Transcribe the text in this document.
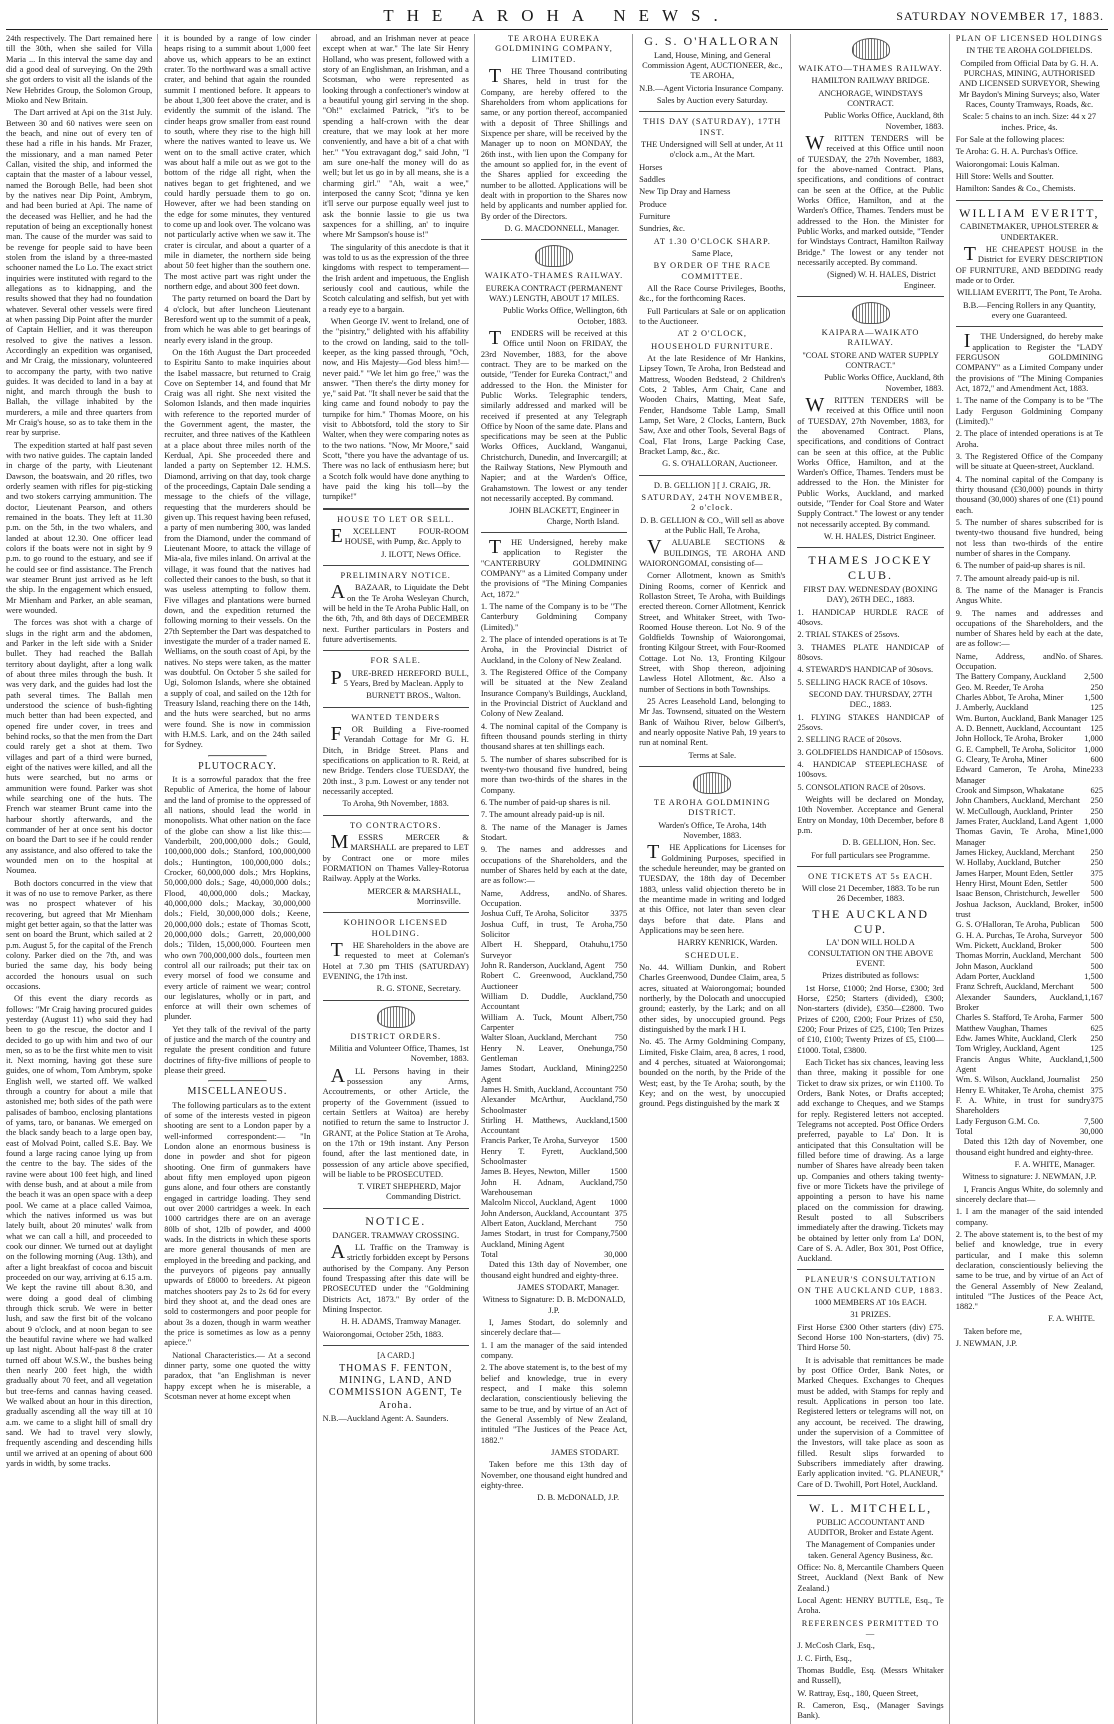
THE AROHA NEWS.	SATURDAY NOVEMBER 17, 1883.

24th respectively. The Dart remained here till the 30th, when she sailed for Villa Maria ... In this interval the same day and did a good deal of surveying. On the 29th she got orders to visit all the islands of the New Hebrides Group, the Solomon Group, Mioko and New Britain.

The Dart arrived at Api on the 31st July. Between 30 and 60 natives were seen on the beach, and nine out of every ten of these had a rifle in his hands. Mr Frazer, the missionary, and a man named Peter Callan, visited the ship, and informed the captain that the master of a labour vessel, named the Borough Belle, had been shot by the natives near Dip Point, Ambrym, and had been buried at Api. The name of the deceased was Hellier, and he had the reputation of being an exceptionally honest man. The cause of the murder was said to be revenge for people said to have been stolen from the island by a three-masted schooner named the Lo Lo. The exact strict inquiries were instituted with regard to the allegations as to kidnapping, and the results showed that they had no foundation whatever. Several other vessels were fired at when passing Dip Point after the murder of Captain Hellier, and it was thereupon resolved to give the natives a lesson. Accordingly an expedition was organised, and Mr Craig, the missionary, volunteered to accompany the party, with two native guides. It was decided to land in a bay at night, and march through the bush to Ballah, the village inhabited by the murderers, a mile and three quarters from Mr Craig's house, so as to take them in the rear by surprise.

The expedition started at half past seven with two native guides. The captain landed in charge of the party, with Lieutenant Dawson, the boatswain, and 20 rifles, two orderly seamen with rifles for pig-sticking and two stokers carrying ammunition. The doctor, Lieutenant Pearson, and others remained in the boats. They left at 11.30 p.m. on the 5th, in the two whalers, and landed at about 12.30. One officer lead colors if the boats were not in sight by 9 p.m. to go round to the estuary, and see if he could see or find assistance. The French war steamer Brunt just arrived as he left the ship. In the engagement which ensued, Mr Mienham and Parker, an able seaman, were wounded.

The forces was shot with a charge of slugs in the right arm and the abdomen, and Parker in the left side with a Snider bullet. They had reached the Ballah territory about daylight, after a long walk of about three miles through the bush. It was very dark, and the guides had lost the path several times. The Ballah men understood the science of bush-fighting much better than had been expected, and opened fire under cover, in trees and behind rocks, so that the men from the Dart could rarely get a shot at them. Two villages and part of a third were burned, eight of the natives were killed, and all the huts were searched, but no arms or ammunition were found. Parker was shot while searching one of the huts. The French war steamer Brunt came into the harbour shortly afterwards, and the commander of her at once sent his doctor on board the Dart to see if he could render any assistance, and also offered to take the wounded men on to the hospital at Noumea.

Both doctors concurred in the view that it was of no use to remove Parker, as there was no prospect whatever of his recovering, but agreed that Mr Mienham might get better again, so that the latter was sent on board the Brunt, which sailed at 2 p.m. August 5, for the capital of the French colony. Parker died on the 7th, and was buried the same day, his body being accorded the honours usual on such occasions.

Of this event the diary records as follows: "Mr Craig having procured guides yesterday (August 11) who said they had been to go the rescue, the doctor and I decided to go up with him and two of our men, so as to be the first white men to visit it. Next morning, having got these sure guides, one of whom, Tom Ambrym, spoke English well, we started off. We walked through a country for about a mile that astonished me; both sides of the path were palisades of bamboo, enclosing plantations of yams, taro, or bananas. We emerged on the black sandy beach to a large open bay, east of Molvad Point, called S.E. Bay. We found a large racing canoe lying up from the centre to the bay. The sides of the ravine were about 100 feet high, and lined with dense bush, and at about a mile from the beach it was an open space with a deep pool. We came at a place called Vaimoa, which the natives informed us was but lately built, about 20 minutes' walk from what we can call a hill, and proceeded to cook our dinner. We turned out at daylight on the following morning (Aug. 13th), and after a light breakfast of cocoa and biscuit proceeded on our way, arriving at 6.15 a.m. We kept the ravine till about 8.30, and were doing a good deal of climbing through thick scrub. We were in better lush, and saw the first bit of the volcano about 9 o'clock, and at noon began to see the beautiful ravine where we had walked up last night. About half-past 8 the crater turned off about W.S.W., the bushes being then nearly 200 feet high, the width gradually about 70 feet, and all vegetation but tree-ferns and cannas having ceased. We walked about an hour in this direction, gradually ascending all the way till at 10 a.m. we came to a slight hill of small dry sand. We had to travel very slowly, frequently ascending and descending hills until we arrived at an opening of about 600 yards in width, by some tracks.

it is bounded by a range of low cinder heaps rising to a summit about 1,000 feet above us, which appears to be an extinct crater. To the northward was a small active crater, and behind that again the rounded summit I mentioned before. It appears to be about 1,300 feet above the crater, and is evidently the summit of the island. The cinder heaps grow smaller from east round to south, where they rise to the high hill where the natives wanted to leave us. We went on to the small active crater, which was about half a mile out as we got to the bottom of the ridge all right, when the natives began to get frightened, and we could hardly persuade them to go on. However, after we had been standing on the edge for some minutes, they ventured to come up and look over. The volcano was not particularly active when we saw it. The crater is circular, and about a quarter of a mile in diameter, the northern side being about 50 feet higher than the southern one. The most active part was right under the northern edge, and about 300 feet down.

The party returned on board the Dart by 4 o'clock, but after luncheon Lieutenant Beresford went up to the summit of a peak, from which he was able to get bearings of nearly every island in the group.

On the 16th August the Dart proceeded to Espiritu Santo to make inquiries about the Isabel massacre, but returned to Craig Cove on September 14, and found that Mr Craig was all right. She next visited the Solomon Islands, and then made inquiries with reference to the reported murder of the Government agent, the master, the recruiter, and three natives of the Kathleen at a place about three miles north of the Kerdual, Api. She proceeded there and landed a party on September 12. H.M.S. Diamond, arriving on that day, took charge of the proceedings, Captain Dale sending a message to the chiefs of the village, requesting that the murderers should be given up. This request having been refused, a party of men numbering 300, was landed from the Diamond, under the command of Lieutenant Moore, to attack the village of Mia-ala, five miles inland. On arrival at the village, it was found that the natives had collected their canoes to the bush, so that it was useless attempting to follow them. Five villages and plantations were burned down, and the expedition returned the following morning to their vessels. On the 27th September the Dart was despatched to investigate the murder of a trader named E. Welliams, on the south coast of Api, by the natives. No steps were taken, as the matter was doubtful. On October 5 she sailed for Ugi, Solomon Islands, where she obtained a supply of coal, and sailed on the 12th for Treasury Island, reaching there on the 14th, and the huts were searched, but no arms were found. She is now in commission with H.M.S. Lark, and on the 24th sailed for Sydney.

PLUTOCRACY.

It is a sorrowful paradox that the free Republic of America, the home of labour and the land of promise to the oppressed of all nations, should lead the world in monopolists. What other nation on the face of the globe can show a list like this:— Vanderbilt, 200,000,000 dols.; Gould, 100,000,000 dols.; Stanford, 100,000,000 dols.; Huntington, 100,000,000 dols.; Crocker, 60,000,000 dols.; Mrs Hopkins, 50,000,000 dols.; Sage, 40,000,000 dols.; Flood, 40,000,000 dols.; Mackay, 40,000,000 dols.; Mackay, 30,000,000 dols.; Field, 30,000,000 dols.; Keene, 20,000,000 dols.; estate of Thomas Scott, 20,000,000 dols.; Garrett, 20,000,000 dols.; Tilden, 15,000,000. Fourteen men who own 700,000,000 dols., fourteen men control all our railroads; put their tax on every morsel of food we consume and every article of raiment we wear; control our legislatures, wholly or in part, and enforce at will their own schemes of plunder.

Yet they talk of the revival of the party of justice and the march of the country and regulate the present condition and future doctrines of fifty-five millions of people to please their greed.

MISCELLANEOUS.

The following particulars as to the extent of some of the interests vested in pigeon shooting are sent to a London paper by a well-informed correspondent:— "In London alone an enormous business is done in powder and shot for pigeon shooting. One firm of gunmakers have about fifty men employed upon pigeon guns alone, and four others are constantly engaged in cartridge loading. They send out over 2000 cartridges a week. In each 1000 cartridges there are on an average 80lb of shot, 12lb of powder, and 4000 wads. In the districts in which these sports are more general thousands of men are employed in the breeding and packing, and the purveyors of pigeons pay annually upwards of £8000 to breeders. At pigeon matches shooters pay 2s to 2s 6d for every bird they shoot at, and the dead ones are sold to costermongers and poor people for about 3s a dozen, though in warm weather the price is sometimes as low as a penny apiece."

National Characteristics.— At a second dinner party, some one quoted the witty paradox, that "an Englishman is never happy except when he is miserable, a Scotsman never at home except when

abroad, and an Irishman never at peace except when at war." The late Sir Henry Holland, who was present, followed with a story of an Englishman, an Irishman, and a Scotsman, who were represented as looking through a confectioner's window at a beautiful young girl serving in the shop. "Oh!" exclaimed Patrick, "it's to be spending a half-crown with the dear creature, that we may look at her more conveniently, and have a bit of a chat with her." "You extravagant dog," said John, "I am sure one-half the money will do as well; but let us go in by all means, she is a charming girl." "Ah, wait a wee," interposed the canny Scot; "dinna ye ken it'll serve our purpose equally weel just to ask the bonnie lassie to gie us twa saxpences for a shilling, an' to inquire where Mr Sampson's house is!"

The singularity of this anecdote is that it was told to us as the expression of the three kingdoms with respect to temperament—the Irish ardent and impetuous, the English seriously cool and cautious, while the Scotch calculating and selfish, but yet with a ready eye to a bargain.

When George IV. went to Ireland, one of the "pisintry," delighted with his affability to the crowd on landing, said to the toll-keeper, as the king passed through, "Och, now, and His Majesty—God bless him!—never paid." "We let him go free," was the answer. "Then there's the dirty money for ye," said Pat. "It shall never be said that the king came and found nobody to pay the turnpike for him." Thomas Moore, on his visit to Abbotsford, told the story to Sir Walter, when they were comparing notes as to the two nations. "Now, Mr Moore," said Scott, "there you have the advantage of us. There was no lack of enthusiasm here; but a Scotch folk would have done anything to have paid the king his toll—by the turnpike!"

HOUSE TO LET OR SELL.

EXCELLENT FOUR-ROOM HOUSE, with Pump, &c. Apply to

J. ILOTT, News Office.

PRELIMINARY NOTICE.

ABAZAAR, to Liquidate the Debt on the Te Aroha Wesleyan Church, will be held in the Te Aroha Public Hall, on the 6th, 7th, and 8th days of DECEMBER next. Further particulars in Posters and future advertisements.

FOR SALE.

PURE-BRED HEREFORD BULL, 5 Years, Bred by Maclean. Apply to

BURNETT BROS., Walton.

WANTED TENDERS

FOR Building a Five-roomed Verandah Cottage for Mr G. H. Ditch, in Bridge Street. Plans and specifications on application to R. Reid, at new Bridge. Tenders close TUESDAY, the 20th inst., 3 p.m. Lowest or any tender not necessarily accepted.

To Aroha, 9th November, 1883.

TO CONTRACTORS.

MESSRS MERCER & MARSHALL are prepared to LET by Contract one or more miles FORMATION on Thames Valley-Rotorua Railway. Apply at the Works.

MERCER & MARSHALL, Morrinsville.

KOHINOOR LICENSED HOLDING.

THE Shareholders in the above are requested to meet at Coleman's Hotel at 7.30 pm THIS (SATURDAY) EVENING, the 17th inst.

R. G. STONE, Secretary.

DISTRICT ORDERS.

Militia and Volunteer Office, Thames, 1st November, 1883.

ALL Persons having in their possession any Arms, Accoutrements, or other Article, the property of the Government (issued to certain Settlers at Waitoa) are hereby notified to return the same to Instructor J. GRANT, at the Police Station at Te Aroha, on the 17th or 19th instant. Any Person found, after the last mentioned date, in possession of any article above specified, will be liable to be PROSECUTED.

T. VIRET SHEPHERD, Major Commanding District.

NOTICE.

DANGER. TRAMWAY CROSSING.

ALL Traffic on the Tramway is strictly forbidden except by Persons authorised by the Company. Any Person found Trespassing after this date will be PROSECUTED under the "Goldmining Districts Act, 1873." By order of the Mining Inspector.

H. H. ADAMS, Tramway Manager.

Waiorongomai, October 25th, 1883.

[A CARD.]

THOMAS F. FENTON, MINING, LAND, AND COMMISSION AGENT, Te Aroha.

N.B.—Auckland Agent: A. Saunders.

TE AROHA EUREKA GOLDMINING COMPANY, LIMITED.

THE Three Thousand contributing Shares, held in trust for the Company, are hereby offered to the Shareholders from whom applications for same, or any portion thereof, accompanied with a deposit of Three Shillings and Sixpence per share, will be received by the Manager up to noon on MONDAY, the 26th inst., with lien upon the Company for the amount so applied for, in the event of the Shares applied for exceeding the number to be allotted. Applications will be dealt with in proportion to the Shares now held by applicants and number applied for. By order of the Directors.

D. G. MACDONNELL, Manager.

WAIKATO-THAMES RAILWAY.

EUREKA CONTRACT (PERMANENT WAY.) LENGTH, ABOUT 17 MILES.

Public Works Office, Wellington, 6th October, 1883.

TENDERS will be received at this Office until Noon on FRIDAY, the 23rd November, 1883, for the above contract. They are to be marked on the outside, "Tender for Eureka Contract," and addressed to the Hon. the Minister for Public Works. Telegraphic tenders, similarly addressed and marked will be received if presented at any Telegraph Office by Noon of the same date. Plans and specifications may be seen at the Public Works Offices, Auckland, Wanganui, Christchurch, Dunedin, and Invercargill; at the Railway Stations, New Plymouth and Napier; and at the Warden's Office, Grahamstown. The lowest or any tender not necessarily accepted. By command.

JOHN BLACKETT, Engineer in Charge, North Island.

THE Undersigned, hereby make application to Register the "CANTERBURY GOLDMINING COMPANY" as a Limited Company under the provisions of "The Mining Companies Act, 1872."

1. The name of the Company is to be "The Canterbury Goldmining Company (Limited)."

2. The place of intended operations is at Te Aroha, in the Provincial District of Auckland, in the Colony of New Zealand.

3. The Registered Office of the Company will be situated at the New Zealand Insurance Company's Buildings, Auckland, in the Provincial District of Auckland and Colony of New Zealand.

4. The nominal capital of the Company is fifteen thousand pounds sterling in thirty thousand shares at ten shillings each.

5. The number of shares subscribed for is twenty-two thousand five hundred, being more than two-thirds of the shares in the Company.

6. The number of paid-up shares is nil.

7. The amount already paid-up is nil.

8. The name of the Manager is James Stodart.

9. The names and addresses and occupations of the Shareholders, and the number of Shares held by each at the date, are as follow:—

Name, Address, and Occupation.
No. of Shares.
Joshua Cuff, Te Aroha, Solicitor	3375
Joshua Cuff, in trust, Te Aroha, Solicitor
750
Albert H. Sheppard, Otahuhu, Surveyor
1750
John R. Randerson, Auckland, Agent	750
Robert C. Greenwood, Auckland, Auctioneer
750
William D. Duddle, Auckland, Accountant
750
William A. Tuck, Mount Albert, Carpenter
750
Walter Sloan, Auckland, Merchant	750
Henry N. Leaver, Onehunga, Gentleman
750
James Stodart, Auckland, Mining Agent
2250
James H. Smith, Auckland, Accountant 750
Alexander McArthur, Auckland, Schoolmaster
750
Stirling H. Matthews, Auckland, Accountant
1500
Francis Parker, Te Aroha, Surveyor	1500
Henry T. Fyrett, Auckland, Schoolmaster
500
James B. Heyes, Newton, Miller	1500
John H. Adnam, Auckland, Warehouseman
750
Malcolm Niccol, Auckland, Agent	1000
John Anderson, Auckland, Accountant 375
Albert Eaton, Auckland, Merchant	750
James Stodart, in trust for Company, Auckland, Mining Agent
7500
Total	30,000

Dated this 13th day of November, one thousand eight hundred and eighty-three.

JAMES STODART, Manager.

Witness to Signature: D. B. McDONALD, J.P.

I, James Stodart, do solemnly and sincerely declare that—

1. I am the manager of the said intended company.

2. The above statement is, to the best of my belief and knowledge, true in every respect, and I make this solemn declaration, conscientiously believing the same to be true, and by virtue of an Act of the General Assembly of New Zealand, intituled "The Justices of the Peace Act, 1882."

JAMES STODART.

Taken before me this 13th day of November, one thousand eight hundred and eighty-three.

D. B. McDONALD, J.P.

G. S. O'HALLORAN

Land, House, Mining, and General Commission Agent, AUCTIONEER, &c., TE AROHA,

N.B.—Agent Victoria Insurance Company.

Sales by Auction every Saturday.

THIS DAY (SATURDAY), 17TH INST.

THE Undersigned will Sell at under, At 11 o'clock a.m., At the Mart.

Horses

Saddles

New Tip Dray and Harness

Produce

Furniture

Sundries, &c.

AT 1.30 O'CLOCK SHARP.

Same Place,

BY ORDER OF THE RACE COMMITTEE.

All the Race Course Privileges, Booths, &c., for the forthcoming Races.

Full Particulars at Sale or on application to the Auctioneer.

AT 2 O'CLOCK,

HOUSEHOLD FURNITURE.

At the late Residence of Mr Hankins, Lipsey Town, Te Aroha, Iron Bedstead and Mattress, Wooden Bedstead, 2 Children's Cots, 2 Tables, Arm Chair, Cane and Wooden Chairs, Matting, Meat Safe, Fender, Handsome Table Lamp, Small Lamp, Set Ware, 2 Clocks, Lantern, Buck Saw, Axe and other Tools, Several Bags of Coal, Flat Irons, Large Packing Case, Bracket Lamp, &c., &c.

G. S. O'HALLORAN, Auctioneer.

D. B. GELLION ] [ J. CRAIG, JR.

SATURDAY, 24TH NOVEMBER, 2 o'clock.

D. B. GELLION & CO., Will sell as above at the Public Hall, Te Aroha,

VALUABLE SECTIONS & BUILDINGS, TE AROHA AND WAIORONGOMAI, consisting of—

Corner Allotment, known as Smith's Dining Rooms, corner of Kenrick and Rollaston Street, Te Aroha, with Buildings erected thereon. Corner Allotment, Kenrick Street, and Whitaker Street, with Two-Roomed House thereon. Lot No. 9 of the Goldfields Township of Waiorongomai, fronting Kilgour Street, with Four-Roomed Cottage. Lot No. 13, Fronting Kilgour Street, with Shop thereon, adjoining Lawless Hotel Allotment, &c. Also a number of Sections in both Townships.

25 Acres Leasehold Land, belonging to Mr Jas. Townsend, situated on the Western Bank of Waihou River, below Gilbert's, and nearly opposite Native Pah, 19 years to run at nominal Rent.

Terms at Sale.

TE AROHA GOLDMINING DISTRICT.

Warden's Office, Te Aroha, 14th November, 1883.

THE Applications for Licenses for Goldmining Purposes, specified in the schedule hereunder, may be granted on TUESDAY, the 18th day of December 1883, unless valid objection thereto be in the meantime made in writing and lodged at this Office, not later than seven clear days before that date. Plans and Applications may be seen here.

HARRY KENRICK, Warden.

SCHEDULE.

No. 44. William Dunkin, and Robert Charles Greenwood, Dundee Claim, area, 5 acres, situated at Waiorongomai; bounded northerly, by the Dolocath and unoccupied ground; easterly, by the Lark; and on all other sides, by unoccupied ground. Pegs distinguished by the mark I H I.

No. 45. The Army Goldmining Company, Limited, Fiske Claim, area, 8 acres, 1 rood, and 4 perches, situated at Waiorongomai; bounded on the north, by the Pride of the West; east, by the Te Aroha; south, by the Key; and on the west, by unoccupied ground. Pegs distinguished by the mark ⧖

WAIKATO—THAMES RAILWAY.

HAMILTON RAILWAY BRIDGE.

ANCHORAGE, WINDSTAYS CONTRACT.

Public Works Office, Auckland, 8th November, 1883.

WRITTEN TENDERS will be received at this Office until noon of TUESDAY, the 27th November, 1883, for the above-named Contract. Plans, specifications, and conditions of contract can be seen at the Office, at the Public Works Office, Hamilton, and at the Warden's Office, Thames. Tenders must be addressed to the Hon. the Minister for Public Works, and marked outside, "Tender for Windstays Contract, Hamilton Railway Bridge." The lowest or any tender not necessarily accepted. By command.

(Signed) W. H. HALES, District Engineer.

KAIPARA—WAIKATO RAILWAY.

"COAL STORE AND WATER SUPPLY CONTRACT."

Public Works Office, Auckland, 8th November, 1883.

WRITTEN TENDERS will be received at this Office until noon of TUESDAY, 27th November, 1883, for the abovenamed Contract. Plans, specifications, and conditions of Contract can be seen at this office, at the Public Works Office, Hamilton, and at the Warden's Office, Thames. Tenders must be addressed to the Hon. the Minister for Public Works, Auckland, and marked outside, "Tender for Coal Store and Water Supply Contract." The lowest or any tender not necessarily accepted. By command.

W. H. HALES, District Engineer.

THAMES JOCKEY CLUB.

FIRST DAY. WEDNESDAY (BOXING DAY), 26TH DEC., 1883.

1. HANDICAP HURDLE RACE of 40sovs.

2. TRIAL STAKES of 25sovs.

3. THAMES PLATE HANDICAP of 80sovs.

4. STEWARD'S HANDICAP of 30sovs.

5. SELLING HACK RACE of 10sovs.

SECOND DAY. THURSDAY, 27TH DEC., 1883.

1. FLYING STAKES HANDICAP of 25sovs.

2. SELLING RACE of 20sovs.

3. GOLDFIELDS HANDICAP of 150sovs.

4. HANDICAP STEEPLECHASE of 100sovs.

5. CONSOLATION RACE of 20sovs.

Weights will be declared on Monday, 10th November. Acceptance and General Entry on Monday, 10th December, before 8 p.m.

D. B. GELLION, Hon. Sec.

For full particulars see Programme.

ONE TICKETS AT 5s EACH.

Will close 21 December, 1883. To be run 26 December, 1883.

THE AUCKLAND CUP.

LA' DON WILL HOLD A CONSULTATION ON THE ABOVE EVENT.

Prizes distributed as follows:

1st Horse, £1000; 2nd Horse, £300; 3rd Horse, £250; Starters (divided), £300; Non-starters (divide), £350—£2800. Two Prizes of £200, £200; Four Prizes of £50, £200; Four Prizes of £25, £100; Ten Prizes of £10, £100; Twenty Prizes of £5, £100—£1000. Total, £3800.

Each Ticket has six chances, leaving less than three, making it possible for one Ticket to draw six prizes, or win £1100. To Orders, Bank Notes, or Drafts accepted; add exchange to Cheques, and we Stamps for reply. Registered letters not accepted. Telegrams not accepted. Post Office Orders preferred, payable to La' Don. It is anticipated that this Consultation will be filled before time of drawing. As a large number of Shares have already been taken up. Companies and others taking twenty-five or more Tickets have the privilege of appointing a person to have his name placed on the commission for drawing. Result posted to all Subscribers immediately after the drawing. Tickets may be obtained by letter only from La' DON, Care of S. A. Adler, Box 301, Post Office, Auckland.

PLANEUR'S CONSULTATION ON THE AUCKLAND CUP, 1883.

1000 MEMBERS AT 10s EACH.

31 PRIZES.

First Horse £300 Other starters (div) £75. Second Horse 100 Non-starters, (div) 75. Third Horse 50.

It is advisable that remittances be made by post Office Order, Bank Notes, or Marked Cheques. Exchanges to Cheques must be added, with Stamps for reply and result. Applications in person too late. Registered letters or telegrams will not, on any account, be received. The drawing, under the supervision of a Committee of the Investors, will take place as soon as filled. Result slips forwarded to Subscribers immediately after drawing. Early application invited. "G. PLANEUR," Care of D. Twohill, Port Hotel, Auckland.

W. L. MITCHELL,

PUBLIC ACCOUNTANT AND AUDITOR, Broker and Estate Agent.

The Management of Companies under taken. General Agency Business, &c.

Office: No. 8, Mercantile Chambers Queen Street, Auckland (Next Bank of New Zealand.)

Local Agent: HENRY BUTTLE, Esq., Te Aroha.

REFERENCES PERMITTED TO—

J. McCosh Clark, Esq.,

J. C. Firth, Esq.,

Thomas Buddle, Esq. (Messrs Whitaker and Russell),

W. Rattray, Esq., 180, Queen Street,

R. Cameron, Esq., (Manager Savings Bank).

PLAN OF LICENSED HOLDINGS

IN THE TE AROHA GOLDFIELDS.

Compiled from Official Data by G. H. A. PURCHAS, MINING, AUTHORISED AND LICENSED SURVEYOR, Shewing Mr Baydon's Mining Surveys; also, Water Races, County Tramways, Roads, &c.

Scale: 5 chains to an inch. Size: 44 x 27 inches. Price, 4s.

For Sale at the following places:

Te Aroha: G. H. A. Purchas's Office.

Waiorongomai: Louis Kalman.

Hill Store: Wells and Soutter.

Hamilton: Sandes & Co., Chemists.

WILLIAM EVERITT,

CABINETMAKER, UPHOLSTERER & UNDERTAKER.

THE CHEAPEST HOUSE in the District for EVERY DESCRIPTION OF FURNITURE, AND BEDDING ready made or to Order.

WILLIAM EVERITT, The Pont, Te Aroha.

B.B.—Fencing Rollers in any Quantity, every one Guaranteed.

ITHE Undersigned, do hereby make application to Register the "LADY FERGUSON GOLDMINING COMPANY" as a Limited Company under the provisions of "The Mining Companies Act, 1872," and Amendment Act, 1883.

1. The name of the Company is to be "The Lady Ferguson Goldmining Company (Limited)."

2. The place of intended operations is at Te Aroha.

3. The Registered Office of the Company will be situate at Queen-street, Auckland.

4. The nominal capital of the Company is thirty thousand (£30,000) pounds in thirty thousand (30,000) shares of one (£1) pound each.

5. The number of shares subscribed for is twenty-two thousand five hundred, being not less than two-thirds of the entire number of shares in the Company.

6. The number of paid-up shares is nil.

7. The amount already paid-up is nil.

8. The name of the Manager is Francis Angus White.

9. The names and addresses and occupations of the Shareholders, and the number of Shares held by each at the date, are as follow:—

Name, Address, and Occupation.
No. of Shares.
The Battery Company, Auckland	2,500
Geo. M. Reeder, Te Aroha	250
Charles Abbot, Te Aroha, Miner	1,500
J. Amberly, Auckland	125
Wm. Burton, Auckland, Bank Manager 125
A. D. Bennett, Auckland, Accountant	125
John Hollock, Te Aroha, Broker	1,000
G. E. Campbell, Te Aroha, Solicitor	1,000
G. Cleary, Te Aroha, Miner	600
Edward Cameron, Te Aroha, Mine Manager
233
Crook and Simpson, Whakatane	625
John Chambers, Auckland, Merchant	250
W. McCullough, Auckland, Printer	250
James Frater, Auckland, Land Agent 1,000
Thomas Gavin, Te Aroha, Mine Manager
1,000
James Hickey, Auckland, Merchant	250
W. Hollaby, Auckland, Butcher	250
James Harper, Mount Eden, Settler	375
Henry Hirst, Mount Eden, Settler	500
Isaac Benson, Christchurch, Jeweller	500
Joshua Jackson, Auckland, Broker, in trust
500
G. S. O'Halloran, Te Aroha, Publican	500
G. H. A. Purchas, Te Aroha, Surveyor 500
Wm. Pickett, Auckland, Broker	500
Thomas Morrin, Auckland, Merchant	500
John Mason, Auckland	500
Adam Porter, Auckland	1,500
Franz Schreft, Auckland, Merchant	500
Alexander Saunders, Auckland, Broker
1,167
Charles S. Stafford, Te Aroha, Farmer 500
Matthew Vaughan, Thames	625
Edw. James White, Auckland, Clerk	250
Tom Wrigley, Auckland, Agent	125
Francis Angus White, Auckland, Agent
1,500
Wm. S. Wilson, Auckland, Journalist	250
Henry E. Whitaker, Te Aroha, chemist 375
F. A. White, in trust for sundry Shareholders
375
Lady Ferguson G.M. Co.	7,500
Total	30,000

Dated this 12th day of November, one thousand eight hundred and eighty-three.

F. A. WHITE, Manager.

Witness to signature: J. NEWMAN, J.P.

I, Francis Angus White, do solemnly and sincerely declare that—

1. I am the manager of the said intended company.

2. The above statement is, to the best of my belief and knowledge, true in every particular, and I make this solemn declaration, conscientiously believing the same to be true, and by virtue of an Act of the General Assembly of New Zealand, intituled "The Justices of the Peace Act, 1882."

F. A. WHITE.

Taken before me,

J. NEWMAN, J.P.
